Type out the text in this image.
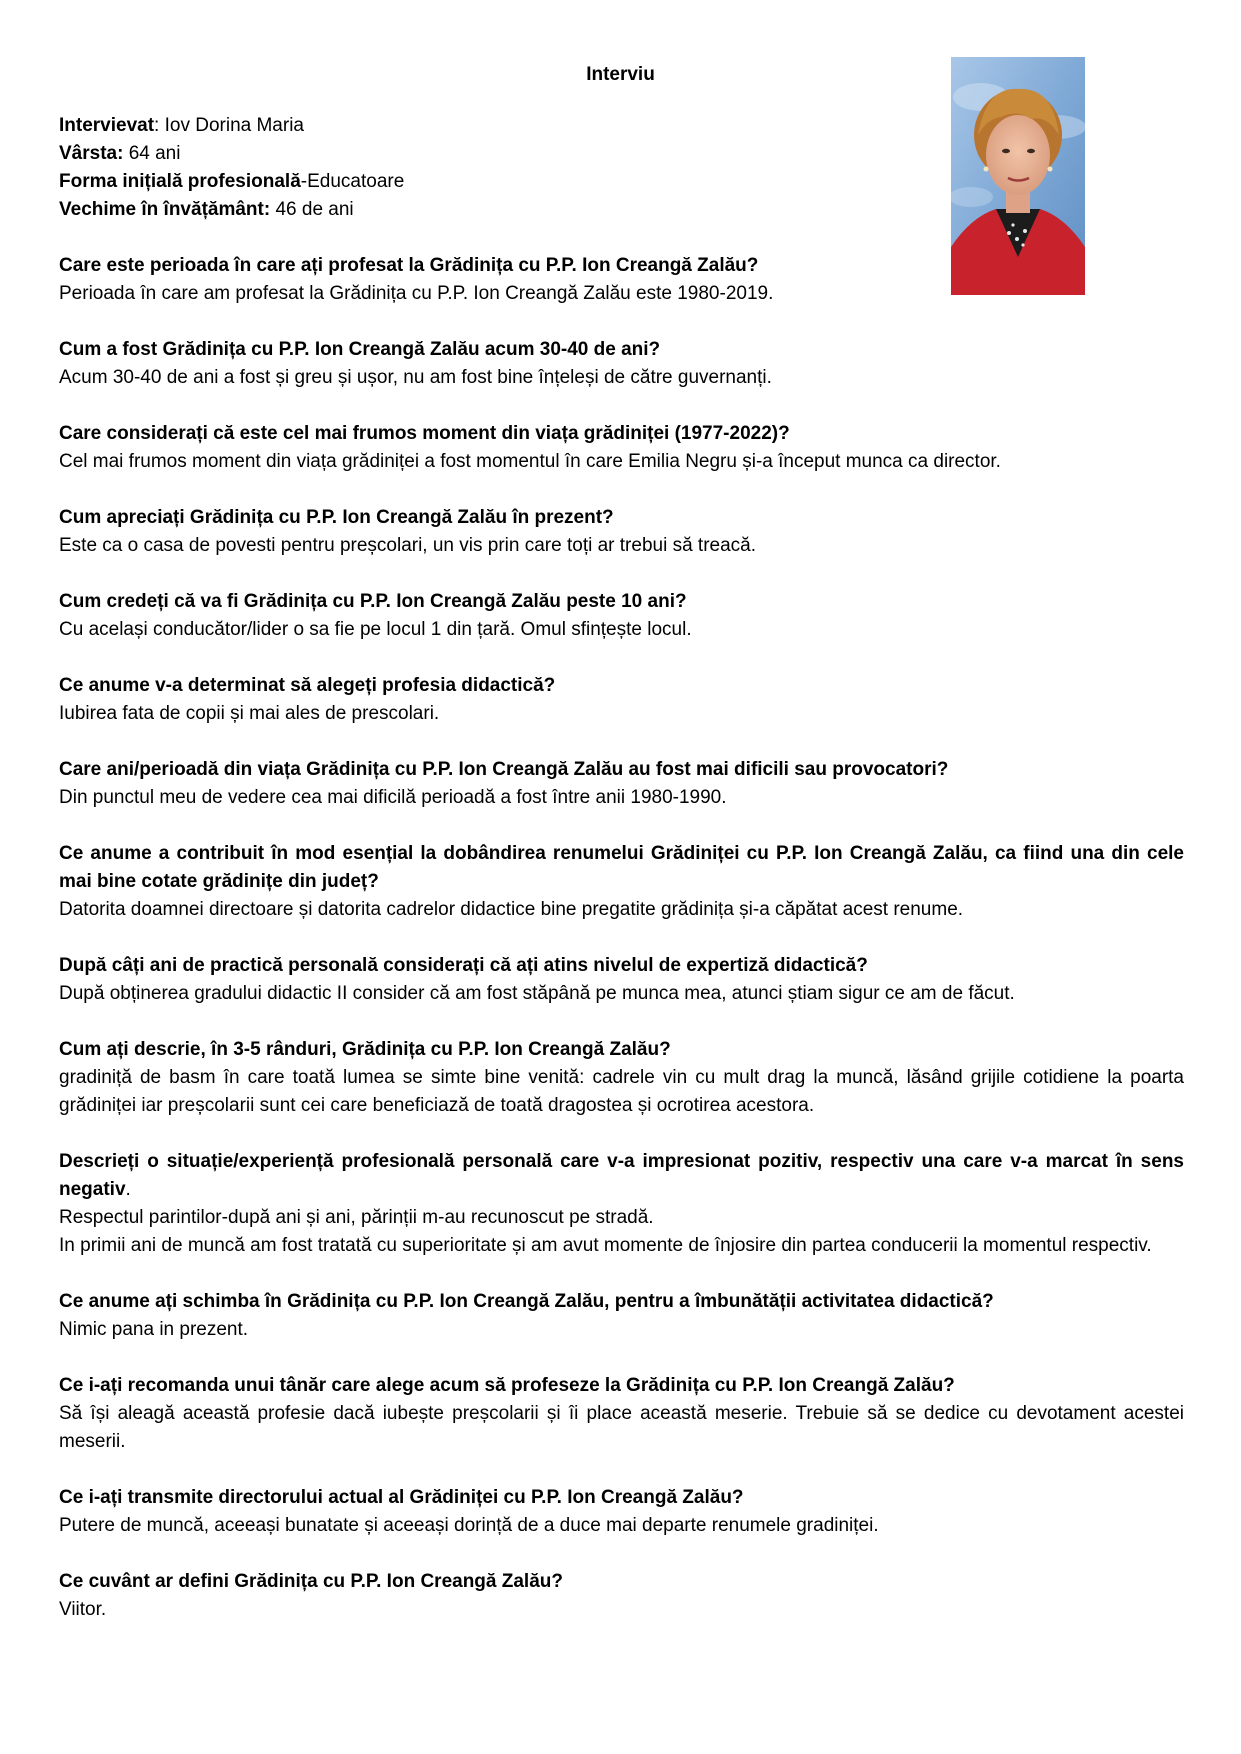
Interviu
Intervievat: Iov Dorina Maria
Vârsta: 64 ani
Forma inițială profesională-Educatoare
Vechime în învățământ: 46 de ani
Care este perioada în care ați profesat la Grădinița cu P.P. Ion Creangă Zalău?
Perioada în care am profesat la Grădinița cu P.P. Ion Creangă Zalău este 1980-2019.
Cum a fost Grădinița cu P.P. Ion Creangă Zalău acum 30-40 de ani?
Acum 30-40 de ani a fost și greu și ușor, nu am fost bine înțeleși de către guvernanți.
Care considerați că este cel mai frumos moment din viața grădiniței (1977-2022)?
Cel mai frumos moment din viața grădiniței a fost momentul în care Emilia Negru și-a început munca ca director.
Cum apreciați Grădinița cu P.P. Ion Creangă Zalău în prezent?
Este ca o casa de povesti pentru preșcolari, un vis prin care toți ar trebui să treacă.
Cum credeți că va fi Grădinița cu P.P. Ion Creangă Zalău peste 10 ani?
Cu același conducător/lider o sa fie pe locul 1 din țară. Omul sfințește locul.
Ce anume v-a determinat să alegeți profesia didactică?
Iubirea fata de copii și mai ales de prescolari.
Care ani/perioadă din viața Grădinița cu P.P. Ion Creangă Zalău au fost mai dificili sau provocatori?
Din punctul meu de vedere cea mai dificilă perioadă a fost între anii 1980-1990.
Ce anume a contribuit în mod esențial la dobândirea renumelui Grădiniței cu P.P. Ion Creangă Zalău, ca fiind una din cele mai bine cotate grădinițe din județ?
Datorita doamnei directoare și datorita cadrelor didactice bine pregatite grădinița și-a căpătat acest renume.
După câți ani de practică personală considerați că ați atins nivelul de expertiză didactică?
După obținerea gradului didactic II consider că am fost stăpână pe munca mea, atunci știam sigur ce am de făcut.
Cum ați descrie, în 3-5 rânduri, Grădinița cu P.P. Ion Creangă Zalău?
gradiniță de basm în care toată lumea se simte bine venită: cadrele vin cu mult drag la muncă, lăsând grijile cotidiene la poarta grădiniței iar preșcolarii sunt cei care beneficiază de toată dragostea și ocrotirea acestora.
Descrieți o situație/experiență profesională personală care v-a impresionat pozitiv, respectiv una care v-a marcat în sens negativ.
Respectul parintilor-după ani și ani, părinții m-au recunoscut pe stradă.
In primii ani de muncă am fost tratată cu superioritate și am avut momente de înjosire din partea conducerii la momentul respectiv.
Ce anume ați schimba în Grădinița cu P.P. Ion Creangă Zalău, pentru a îmbunătății activitatea didactică?
Nimic pana in prezent.
Ce i-ați recomanda unui tânăr care alege acum să profeseze la Grădinița cu P.P. Ion Creangă Zalău?
Să își aleagă această profesie dacă iubește preșcolarii și îi place această meserie. Trebuie să se dedice cu devotament acestei meserii.
Ce i-ați transmite directorului actual al Grădiniței cu P.P. Ion Creangă Zalău?
Putere de muncă, aceeași bunatate și aceeași dorință de a duce mai departe renumele gradiniței.
Ce cuvânt ar defini Grădinița cu P.P. Ion Creangă Zalău?
Viitor.
